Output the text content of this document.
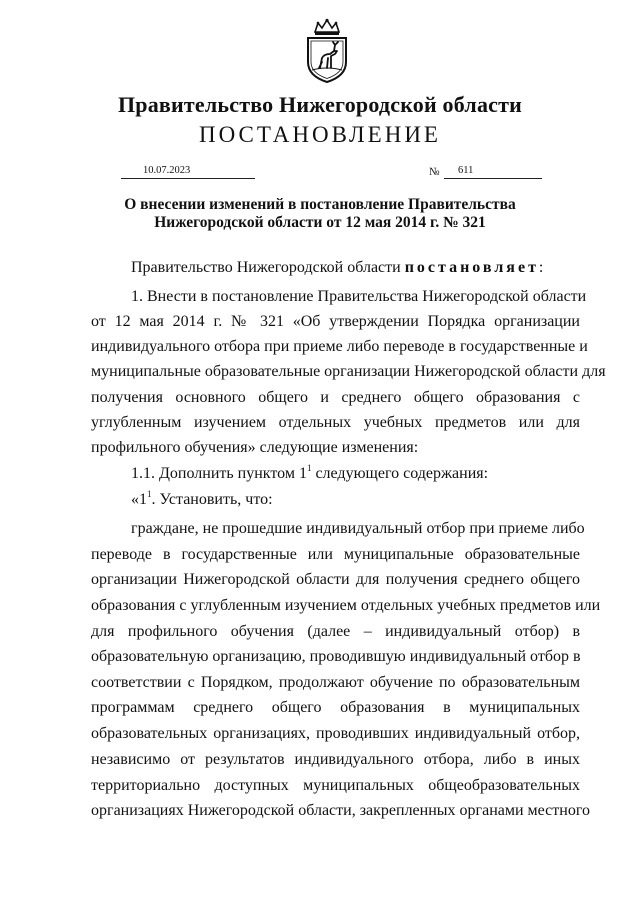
Правительство Нижегородской области
ПОСТАНОВЛЕНИЕ
10.07.2023	№ 611
О внесении изменений в постановление Правительства
Нижегородской области от 12 мая 2014 г. № 321
Правительство Нижегородской области постановляет:
1. Внести в постановление Правительства Нижегородской области
от 12 мая 2014 г. № 321 «Об утверждении Порядка организации
индивидуального отбора при приеме либо переводе в государственные и
муниципальные образовательные организации Нижегородской области для
получения основного общего и среднего общего образования с
углубленным изучением отдельных учебных предметов или для
профильного обучения» следующие изменения:
1.1. Дополнить пунктом $1^1$ следующего содержания:
«$1^1$. Установить, что:
граждане, не прошедшие индивидуальный отбор при приеме либо
переводе в государственные или муниципальные образовательные
организации Нижегородской области для получения среднего общего
образования с углубленным изучением отдельных учебных предметов или
для профильного обучения (далее – индивидуальный отбор) в
образовательную организацию, проводившую индивидуальный отбор в
соответствии с Порядком, продолжают обучение по образовательным
программам среднего общего образования в муниципальных
образовательных организациях, проводивших индивидуальный отбор,
независимо от результатов индивидуального отбора, либо в иных
территориально доступных муниципальных общеобразовательных
организациях Нижегородской области, закрепленных органами местного
